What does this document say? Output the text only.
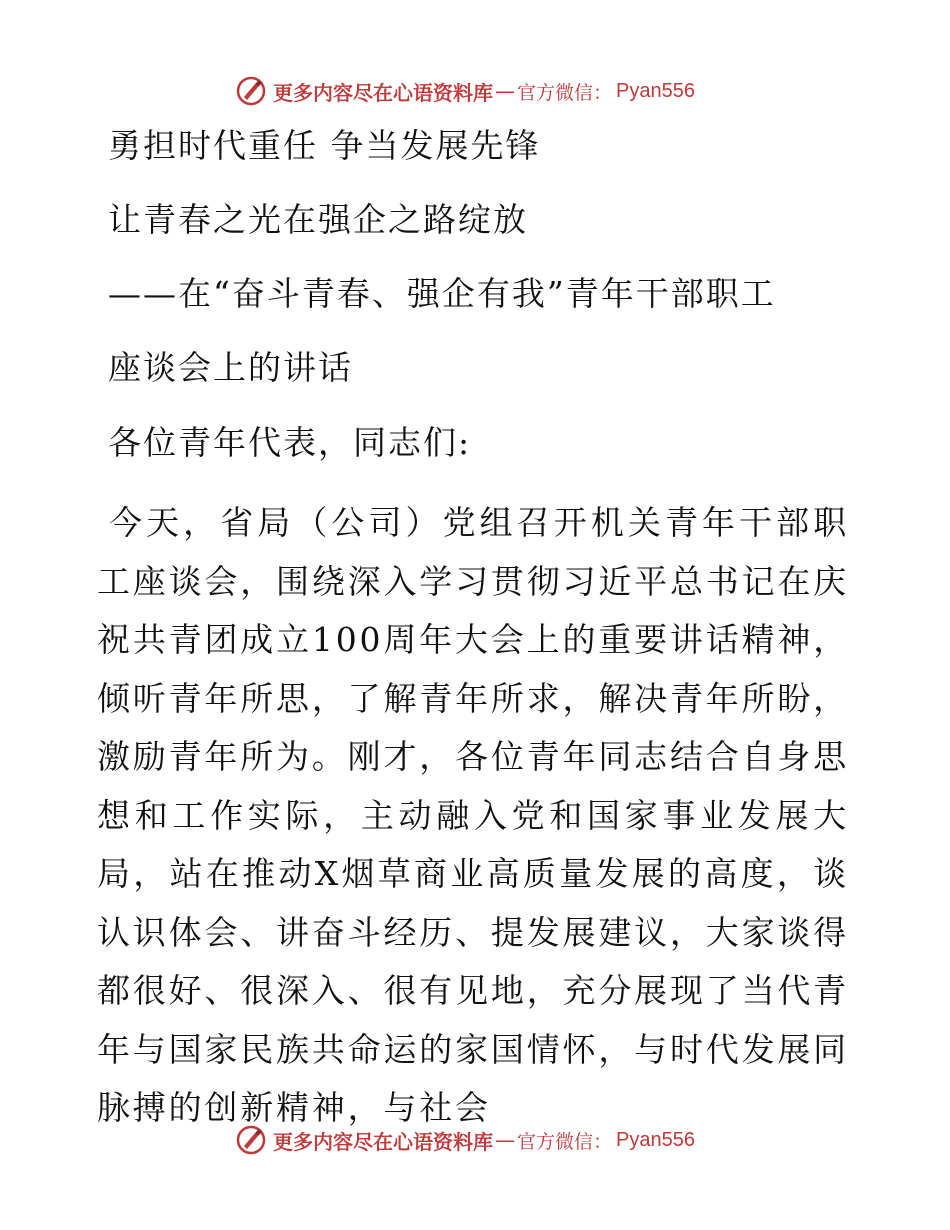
更多内容尽在心语资料库 — 官方微信： Pyan556
勇担时代重任 争当发展先锋
让青春之光在强企之路绽放
——在“奋斗青春、强企有我”青年干部职工
座谈会上的讲话
各位青年代表，同志们:

今天，省局（公司）党组召开机关青年干部职工座谈会，围绕深入学习贯彻习近平总书记在庆祝共青团成立100周年大会上的重要讲话精神，倾听青年所思，了解青年所求，解决青年所盼，激励青年所为。刚才，各位青年同志结合自身思想和工作实际，主动融入党和国家事业发展大局，站在推动X烟草商业高质量发展的高度，谈认识体会、讲奋斗经历、提发展建议，大家谈得都很好、很深入、很有见地，充分展现了当代青年与国家民族共命运的家国情怀，与时代发展同脉搏的创新精神，与社会

更多内容尽在心语资料库 — 官方微信： Pyan556
